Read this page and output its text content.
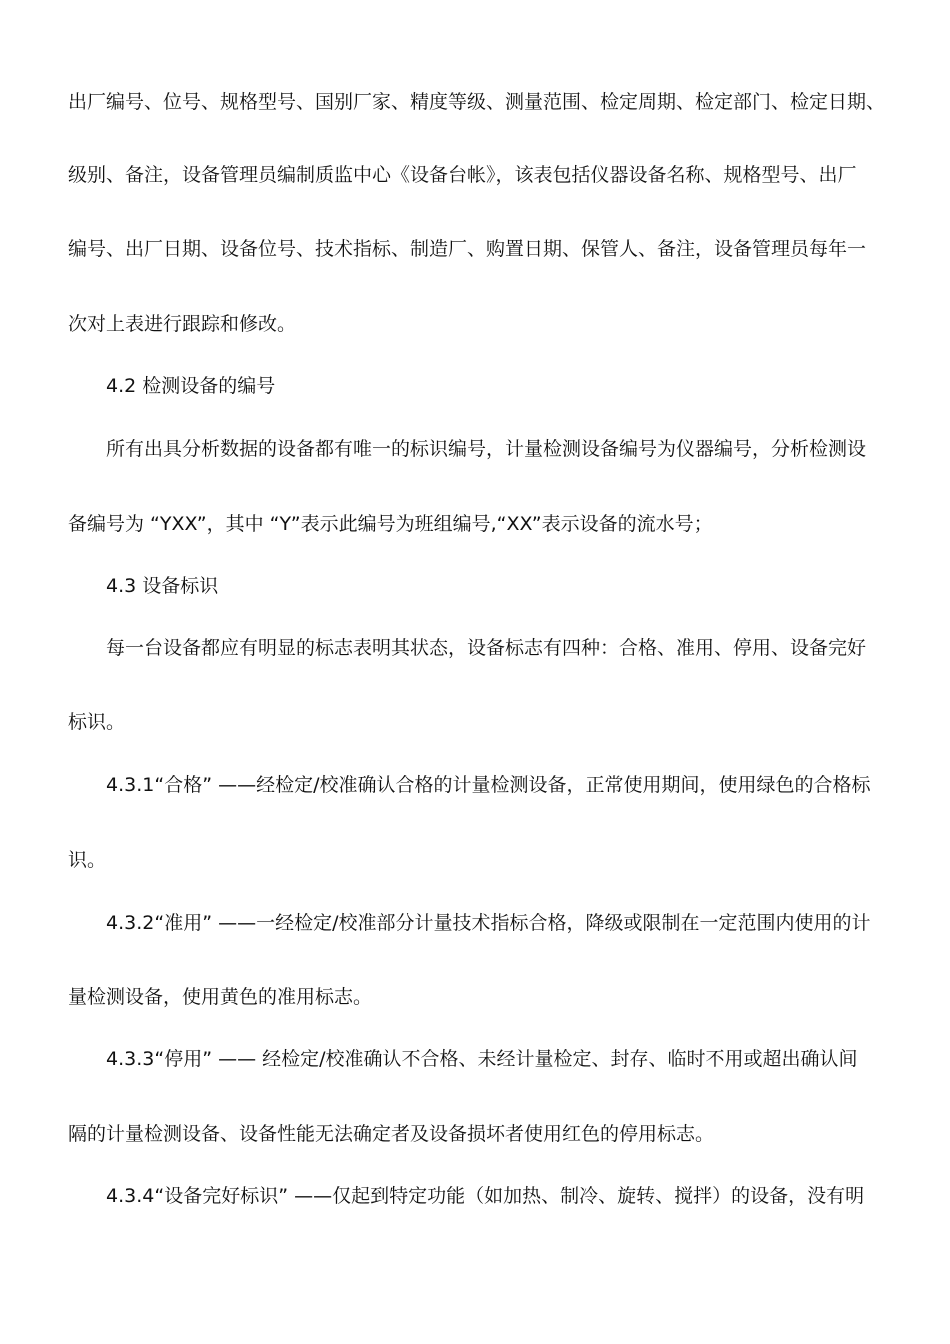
出厂编号、位号、规格型号、国别厂家、精度等级、测量范围、检定周期、检定部门、检定日期、
级别、备注，设备管理员编制质监中心《设备台帐》，该表包括仪器设备名称、规格型号、出厂
编号、出厂日期、设备位号、技术指标、制造厂、购置日期、保管人、备注，设备管理员每年一
次对上表进行跟踪和修改。
4.2 检测设备的编号
所有出具分析数据的设备都有唯一的标识编号，计量检测设备编号为仪器编号，分析检测设
备编号为 “YXX”，其中 “Y”表示此编号为班组编号,“XX”表示设备的流水号；
4.3 设备标识
每一台设备都应有明显的标志表明其状态，设备标志有四种：合格、准用、停用、设备完好
标识。
4.3.1“合格” ——经检定/校准确认合格的计量检测设备，正常使用期间，使用绿色的合格标
识。
4.3.2“准用” ——一经检定/校准部分计量技术指标合格，降级或限制在一定范围内使用的计
量检测设备，使用黄色的准用标志。
4.3.3“停用” —— 经检定/校准确认不合格、未经计量检定、封存、临时不用或超出确认间
隔的计量检测设备、设备性能无法确定者及设备损坏者使用红色的停用标志。
4.3.4“设备完好标识” ——仅起到特定功能（如加热、制冷、旋转、搅拌）的设备，没有明
